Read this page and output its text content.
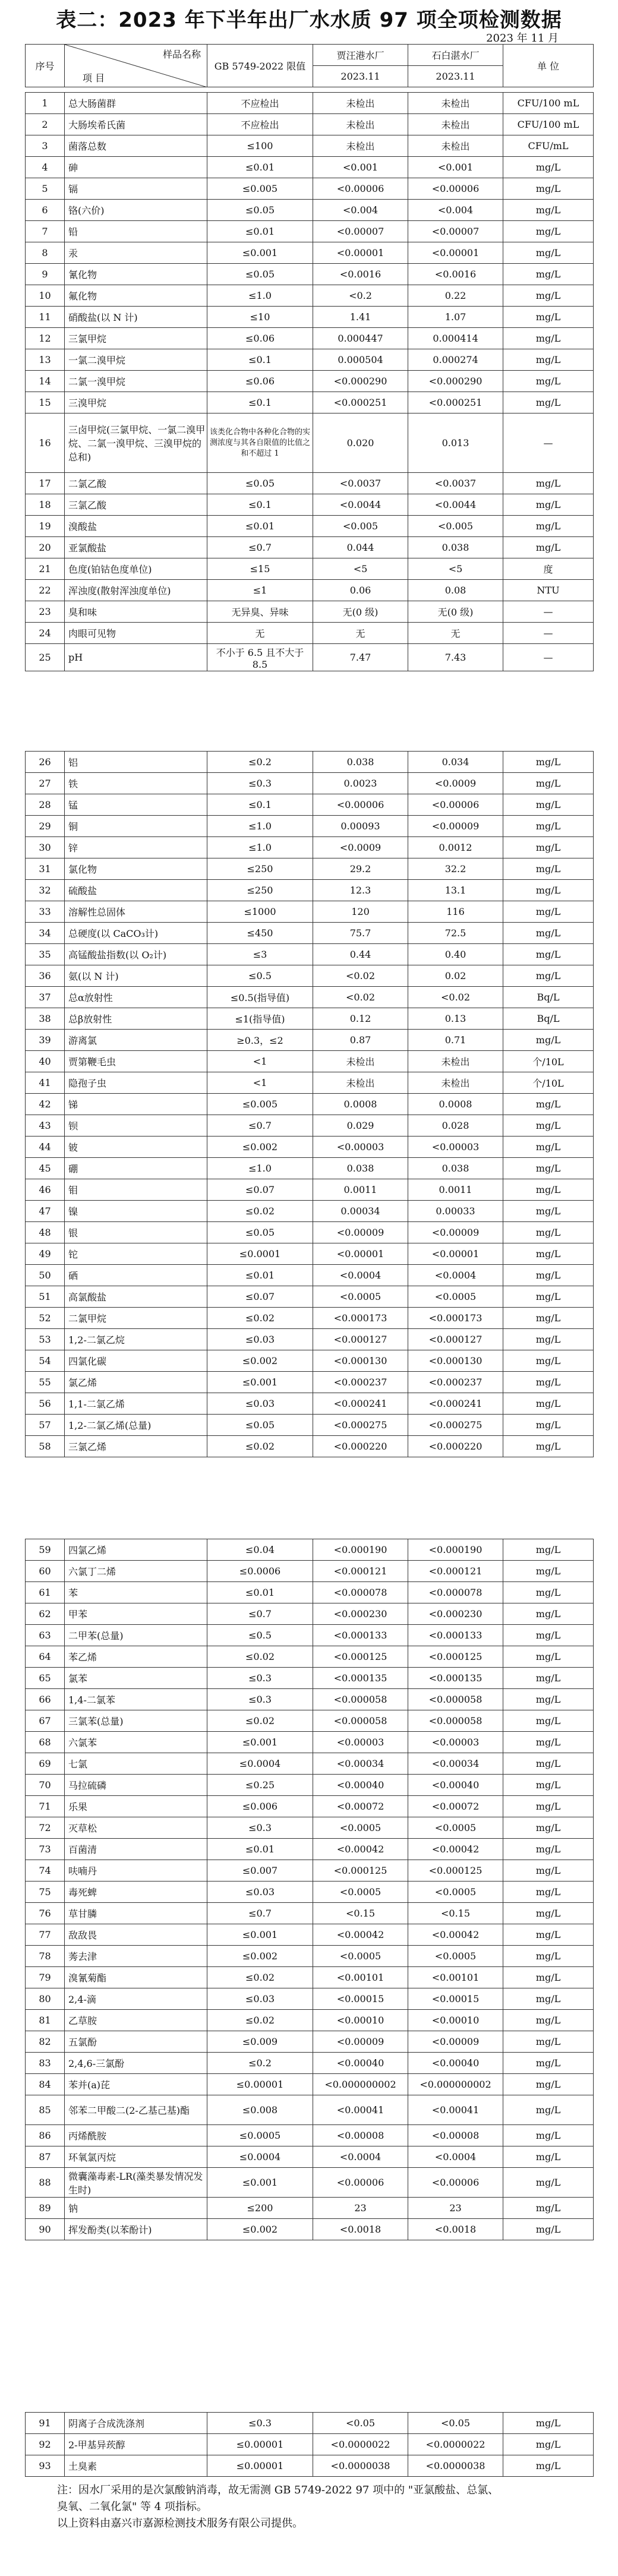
表二：2023 年下半年出厂水水质 97 项全项检测数据
2023 年 11 月
序号	样品名称
项 目	GB 5749-2022 限值	贾汪港水厂	石白湛水厂	单 位
			2023.11	2023.11	
1	总大肠菌群	不应检出	未检出	未检出	CFU/100 mL
2	大肠埃希氏菌	不应检出	未检出	未检出	CFU/100 mL
3	菌落总数	≤100	未检出	未检出	CFU/mL
4	砷	≤0.01	<0.001	<0.001	mg/L
5	镉	≤0.005	<0.00006	<0.00006	mg/L
6	铬(六价)	≤0.05	<0.004	<0.004	mg/L
7	铅	≤0.01	<0.00007	<0.00007	mg/L
8	汞	≤0.001	<0.00001	<0.00001	mg/L
9	氰化物	≤0.05	<0.0016	<0.0016	mg/L
10	氟化物	≤1.0	<0.2	0.22	mg/L
11	硝酸盐(以 N 计)	≤10	1.41	1.07	mg/L
12	三氯甲烷	≤0.06	0.000447	0.000414	mg/L
13	一氯二溴甲烷	≤0.1	0.000504	0.000274	mg/L
14	二氯一溴甲烷	≤0.06	<0.000290	<0.000290	mg/L
15	三溴甲烷	≤0.1	<0.000251	<0.000251	mg/L
16	三卤甲烷(三氯甲烷、一氯二溴甲烷、二氯一溴甲烷、三溴甲烷的总和)	该类化合物中各种化合物的实测浓度与其各自限值的比值之和不超过 1	0.020	0.013	—
17	二氯乙酸	≤0.05	<0.0037	<0.0037	mg/L
18	三氯乙酸	≤0.1	<0.0044	<0.0044	mg/L
19	溴酸盐	≤0.01	<0.005	<0.005	mg/L
20	亚氯酸盐	≤0.7	0.044	0.038	mg/L
21	色度(铂钴色度单位)	≤15	<5	<5	度
22	浑浊度(散射浑浊度单位)	≤1	0.06	0.08	NTU
23	臭和味	无异臭、异味	无(0 级)	无(0 级)	—
24	肉眼可见物	无	无	无	—
25	pH	不小于 6.5 且不大于 8.5	7.47	7.43	—
26	铝	≤0.2	0.038	0.034	mg/L
27	铁	≤0.3	0.0023	<0.0009	mg/L
28	锰	≤0.1	<0.00006	<0.00006	mg/L
29	铜	≤1.0	0.00093	<0.00009	mg/L
30	锌	≤1.0	<0.0009	0.0012	mg/L
31	氯化物	≤250	29.2	32.2	mg/L
32	硫酸盐	≤250	12.3	13.1	mg/L
33	溶解性总固体	≤1000	120	116	mg/L
34	总硬度(以 CaCO₃计)	≤450	75.7	72.5	mg/L
35	高锰酸盐指数(以 O₂计)	≤3	0.44	0.40	mg/L
36	氨(以 N 计)	≤0.5	<0.02	0.02	mg/L
37	总α放射性	≤0.5(指导值)	<0.02	<0.02	Bq/L
38	总β放射性	≤1(指导值)	0.12	0.13	Bq/L
39	游离氯	≥0.3，≤2	0.87	0.71	mg/L
40	贾第鞭毛虫	<1	未检出	未检出	个/10L
41	隐孢子虫	<1	未检出	未检出	个/10L
42	锑	≤0.005	0.0008	0.0008	mg/L
43	钡	≤0.7	0.029	0.028	mg/L
44	铍	≤0.002	<0.00003	<0.00003	mg/L
45	硼	≤1.0	0.038	0.038	mg/L
46	钼	≤0.07	0.0011	0.0011	mg/L
47	镍	≤0.02	0.00034	0.00033	mg/L
48	银	≤0.05	<0.00009	<0.00009	mg/L
49	铊	≤0.0001	<0.00001	<0.00001	mg/L
50	硒	≤0.01	<0.0004	<0.0004	mg/L
51	高氯酸盐	≤0.07	<0.0005	<0.0005	mg/L
52	二氯甲烷	≤0.02	<0.000173	<0.000173	mg/L
53	1,2-二氯乙烷	≤0.03	<0.000127	<0.000127	mg/L
54	四氯化碳	≤0.002	<0.000130	<0.000130	mg/L
55	氯乙烯	≤0.001	<0.000237	<0.000237	mg/L
56	1,1-二氯乙烯	≤0.03	<0.000241	<0.000241	mg/L
57	1,2-二氯乙烯(总量)	≤0.05	<0.000275	<0.000275	mg/L
58	三氯乙烯	≤0.02	<0.000220	<0.000220	mg/L
59	四氯乙烯	≤0.04	<0.000190	<0.000190	mg/L
60	六氯丁二烯	≤0.0006	<0.000121	<0.000121	mg/L
61	苯	≤0.01	<0.000078	<0.000078	mg/L
62	甲苯	≤0.7	<0.000230	<0.000230	mg/L
63	二甲苯(总量)	≤0.5	<0.000133	<0.000133	mg/L
64	苯乙烯	≤0.02	<0.000125	<0.000125	mg/L
65	氯苯	≤0.3	<0.000135	<0.000135	mg/L
66	1,4-二氯苯	≤0.3	<0.000058	<0.000058	mg/L
67	三氯苯(总量)	≤0.02	<0.000058	<0.000058	mg/L
68	六氯苯	≤0.001	<0.00003	<0.00003	mg/L
69	七氯	≤0.0004	<0.00034	<0.00034	mg/L
70	马拉硫磷	≤0.25	<0.00040	<0.00040	mg/L
71	乐果	≤0.006	<0.00072	<0.00072	mg/L
72	灭草松	≤0.3	<0.0005	<0.0005	mg/L
73	百菌清	≤0.01	<0.00042	<0.00042	mg/L
74	呋喃丹	≤0.007	<0.000125	<0.000125	mg/L
75	毒死蜱	≤0.03	<0.0005	<0.0005	mg/L
76	草甘膦	≤0.7	<0.15	<0.15	mg/L
77	敌敌畏	≤0.001	<0.00042	<0.00042	mg/L
78	莠去津	≤0.002	<0.0005	<0.0005	mg/L
79	溴氰菊酯	≤0.02	<0.00101	<0.00101	mg/L
80	2,4-滴	≤0.03	<0.00015	<0.00015	mg/L
81	乙草胺	≤0.02	<0.00010	<0.00010	mg/L
82	五氯酚	≤0.009	<0.00009	<0.00009	mg/L
83	2,4,6-三氯酚	≤0.2	<0.00040	<0.00040	mg/L
84	苯并(a)芘	≤0.00001	<0.000000002	<0.000000002	mg/L
85	邻苯二甲酸二(2-乙基己基)酯	≤0.008	<0.00041	<0.00041	mg/L
86	丙烯酰胺	≤0.0005	<0.00008	<0.00008	mg/L
87	环氧氯丙烷	≤0.0004	<0.0004	<0.0004	mg/L
88	微囊藻毒素-LR(藻类暴发情况发生时)	≤0.001	<0.00006	<0.00006	mg/L
89	钠	≤200	23	23	mg/L
90	挥发酚类(以苯酚计)	≤0.002	<0.0018	<0.0018	mg/L
91	阴离子合成洗涤剂	≤0.3	<0.05	<0.05	mg/L
92	2-甲基异莰醇	≤0.00001	<0.0000022	<0.0000022	mg/L
93	土臭素	≤0.00001	<0.0000038	<0.0000038	mg/L
注：因水厂采用的是次氯酸钠消毒，故无需测 GB 5749-2022 97 项中的 "亚氯酸盐、总氯、
臭氧、二氧化氯" 等 4 项指标。
以上资料由嘉兴市嘉源检测技术服务有限公司提供。
